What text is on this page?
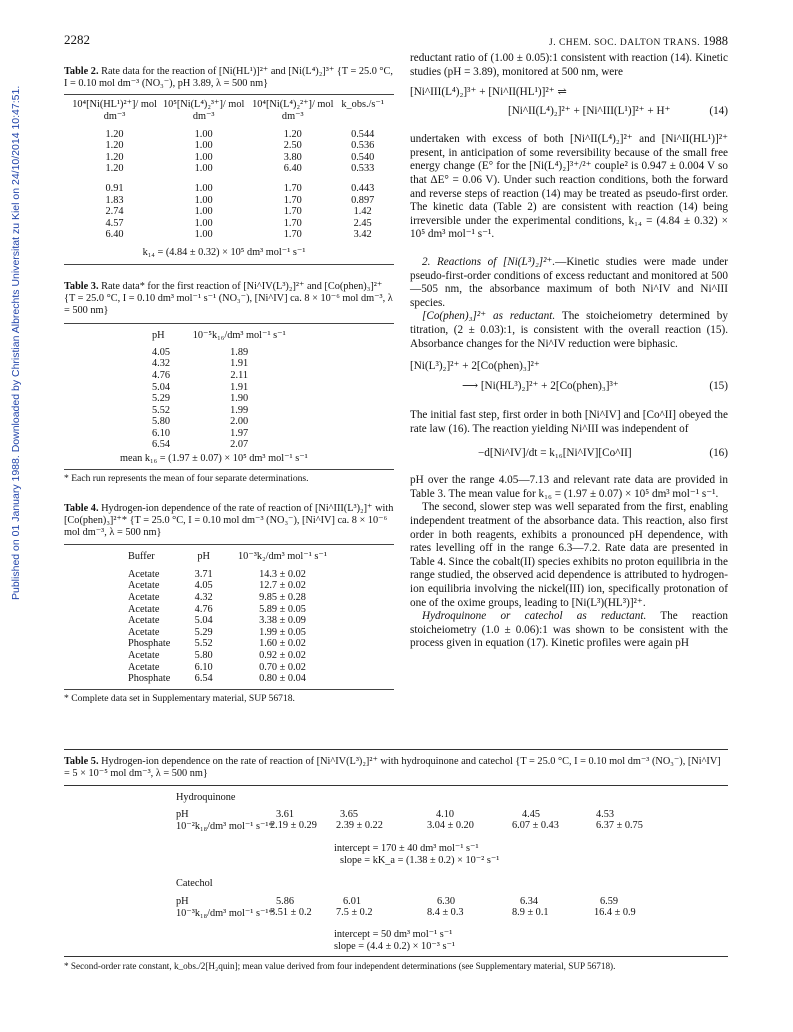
Published on 01 January 1988. Downloaded by Christian Albrechts Universitat zu Kiel on 24/10/2014 10:47:51.
2282	J. CHEM. SOC. DALTON TRANS. 1988
Table 2. Rate data for the reaction of [Ni(HL¹)]²⁺ and [Ni(L⁴)₂]³⁺ {T = 25.0 °C, I = 0.10 mol dm⁻³ (NO₃⁻), pH 3.89, λ = 500 nm}
10⁴[Ni(HL¹)²⁺]/ mol dm⁻³	10⁵[Ni(L⁴)₂³⁺]/ mol dm⁻³	10⁴[Ni(L⁴)₂²⁺]/ mol dm⁻³	k_obs./s⁻¹
1.20	1.00	1.20	0.544
1.20	1.00	2.50	0.536
1.20	1.00	3.80	0.540
1.20	1.00	6.40	0.533
0.91	1.00	1.70	0.443
1.83	1.00	1.70	0.897
2.74	1.00	1.70	1.42
4.57	1.00	1.70	2.45
6.40	1.00	1.70	3.42
k₁₄ = (4.84 ± 0.32) × 10⁵ dm³ mol⁻¹ s⁻¹
Table 3. Rate data* for the first reaction of [Ni^IV(L³)₂]²⁺ and [Co(phen)₃]²⁺ {T = 25.0 °C, I = 0.10 dm³ mol⁻¹ s⁻¹ (NO₃⁻), [Ni^IV] ca. 8 × 10⁻⁶ mol dm⁻³, λ = 500 nm}
pH	10⁻⁵k₁₆/dm³ mol⁻¹ s⁻¹
4.05	1.89
4.32	1.91
4.76	2.11
5.04	1.91
5.29	1.90
5.52	1.99
5.80	2.00
6.10	1.97
6.54	2.07
mean k₁₆ = (1.97 ± 0.07) × 10⁵ dm³ mol⁻¹ s⁻¹
* Each run represents the mean of four separate determinations.
Table 4. Hydrogen-ion dependence of the rate of reaction of [Ni^III(L³)₂]⁺ with [Co(phen)₃]²⁺* {T = 25.0 °C, I = 0.10 mol dm⁻³ (NO₃⁻), [Ni^IV] ca. 8 × 10⁻⁶ mol dm⁻³, λ = 500 nm}
Buffer	pH	10⁻³k₂/dm³ mol⁻¹ s⁻¹
Acetate	3.71	14.3 ± 0.02
Acetate	4.05	12.7 ± 0.02
Acetate	4.32	9.85 ± 0.28
Acetate	4.76	5.89 ± 0.05
Acetate	5.04	3.38 ± 0.09
Acetate	5.29	1.99 ± 0.05
Phosphate	5.52	1.60 ± 0.02
Acetate	5.80	0.92 ± 0.02
Acetate	6.10	0.70 ± 0.02
Phosphate	6.54	0.80 ± 0.04
* Complete data set in Supplementary material, SUP 56718.
reductant ratio of (1.00 ± 0.05):1 consistent with reaction (14). Kinetic studies (pH = 3.89), monitored at 500 nm, were
[Ni^III(L⁴)₂]³⁺ + [Ni^II(HL¹)]²⁺ ⇌
[Ni^II(L⁴)₂]²⁺ + [Ni^III(L¹)]²⁺ + H⁺	(14)
undertaken with excess of both [Ni^II(L⁴)₂]²⁺ and [Ni^II(HL¹)]²⁺ present, in anticipation of some reversibility because of the small free energy change (E° for the [Ni(L⁴)₂]³⁺/²⁺ couple² is 0.947 ± 0.004 V so that ΔE° = 0.06 V). Under such reaction conditions, both the forward and reverse steps of reaction (14) may be treated as pseudo-first order. The kinetic data (Table 2) are consistent with reaction (14) being irreversible under the experimental conditions, k₁₄ = (4.84 ± 0.32) × 10⁵ dm³ mol⁻¹ s⁻¹.
2. Reactions of [Ni(L³)₂]²⁺.—Kinetic studies were made under pseudo-first-order conditions of excess reductant and monitored at 500—505 nm, the absorbance maximum of both Ni^IV and Ni^III species.
[Co(phen)₃]²⁺ as reductant. The stoicheiometry determined by titration, (2 ± 0.03):1, is consistent with the overall reaction (15). Absorbance changes for the Ni^IV reduction were biphasic.
[Ni(L³)₂]²⁺ + 2[Co(phen)₃]²⁺
⟶ [Ni(HL³)₂]²⁺ + 2[Co(phen)₃]³⁺	(15)
The initial fast step, first order in both [Ni^IV] and [Co^II] obeyed the rate law (16). The reaction yielding Ni^III was independent of
−d[Ni^IV]/dt = k₁₆[Ni^IV][Co^II]	(16)
pH over the range 4.05—7.13 and relevant rate data are provided in Table 3. The mean value for k₁₆ = (1.97 ± 0.07) × 10⁵ dm³ mol⁻¹ s⁻¹.
The second, slower step was well separated from the first, enabling independent treatment of the absorbance data. This reaction, also first order in both reagents, exhibits a pronounced pH dependence, with rates levelling off in the range 6.3—7.2. Rate data are presented in Table 4. Since the cobalt(II) species exhibits no proton equilibria in the range studied, the observed acid dependence is attributed to hydrogen-ion equilibria involving the nickel(III) ion, specifically protonation of one of the oxime groups, leading to [Ni(L³)(HL³)]²⁺.
Hydroquinone or catechol as reductant. The reaction stoicheiometry (1.0 ± 0.06):1 was shown to be consistent with the process given in equation (17). Kinetic profiles were again pH
Table 5. Hydrogen-ion dependence on the rate of reaction of [Ni^IV(L³)₂]²⁺ with hydroquinone and catechol {T = 25.0 °C, I = 0.10 mol dm⁻³ (NO₃⁻), [Ni^IV] = 5 × 10⁻⁵ mol dm⁻³, λ = 500 nm}
Hydroquinone
pH
10⁻²k₁₈/dm³ mol⁻¹ s⁻¹*
3.61	3.65	4.10	4.45	4.53
2.19 ± 0.29 2.39 ± 0.22	3.04 ± 0.20	6.07 ± 0.43	6.37 ± 0.75
intercept = 170 ± 40 dm³ mol⁻¹ s⁻¹
slope = kK_a = (1.38 ± 0.2) × 10⁻² s⁻¹
Catechol
pH
10⁻³k₁₈/dm³ mol⁻¹ s⁻¹*
5.86	6.01	6.30	6.34	6.59
3.51 ± 0.2 7.5 ± 0.2	8.4 ± 0.3	8.9 ± 0.1	16.4 ± 0.9
intercept = 50 dm³ mol⁻¹ s⁻¹
slope = (4.4 ± 0.2) × 10⁻³ s⁻¹
* Second-order rate constant, k_obs./2[H₂quin]; mean value derived from four independent determinations (see Supplementary material, SUP 56718).
